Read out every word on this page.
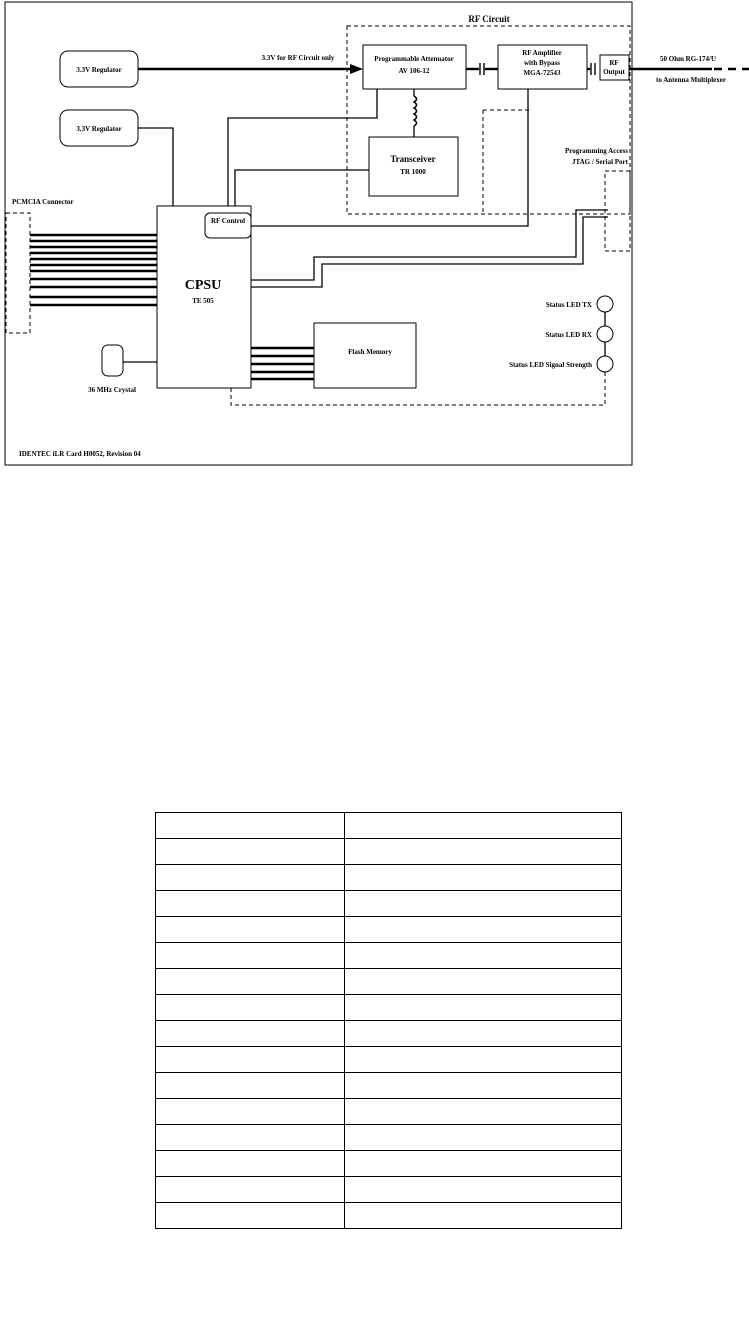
RF Circuit
3.3V Regulator
3.3V Regulator
3.3V for RF Circuit only	Programmable Attenuator
AV 106-12
RF Amplifier
with Bypass
MGA-72543
RF
Output
50 Ohm RG-174/U
to Antenna Multiplexer
Transceiver
TR 1000
Programming Access
JTAG / Serial Port
PCMCIA Connector
CPSU
TE 505
RF Control
36 MHz Crystal
Flash Memory
Status LED TX
Status LED RX
Status LED Signal Strength
IDENTEC iLR Card H0052, Revision 04
